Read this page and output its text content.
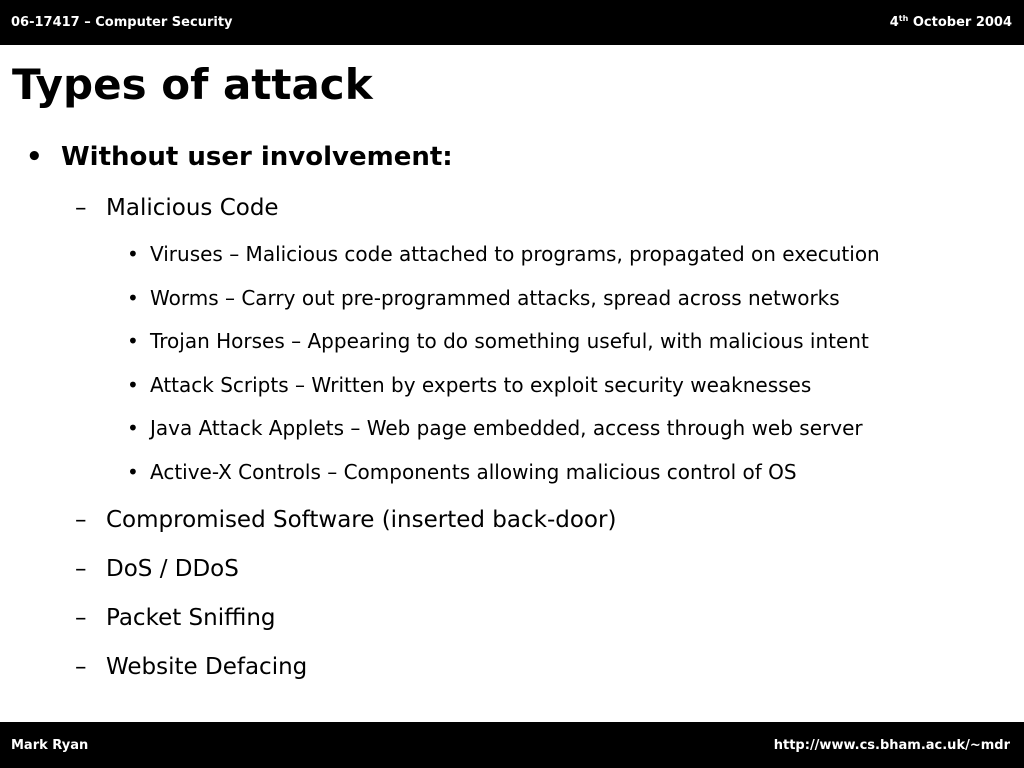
06-17417 – Computer Security	4th October 2004
Types of attack
• Without user involvement:
– Malicious Code
• Viruses – Malicious code attached to programs, propagated on execution
• Worms – Carry out pre-programmed attacks, spread across networks
• Trojan Horses – Appearing to do something useful, with malicious intent
• Attack Scripts – Written by experts to exploit security weaknesses
• Java Attack Applets – Web page embedded, access through web server
• Active-X Controls – Components allowing malicious control of OS
– Compromised Software (inserted back-door)
– DoS / DDoS
– Packet Sniffing
– Website Defacing
Mark Ryan	http://www.cs.bham.ac.uk/~mdr
